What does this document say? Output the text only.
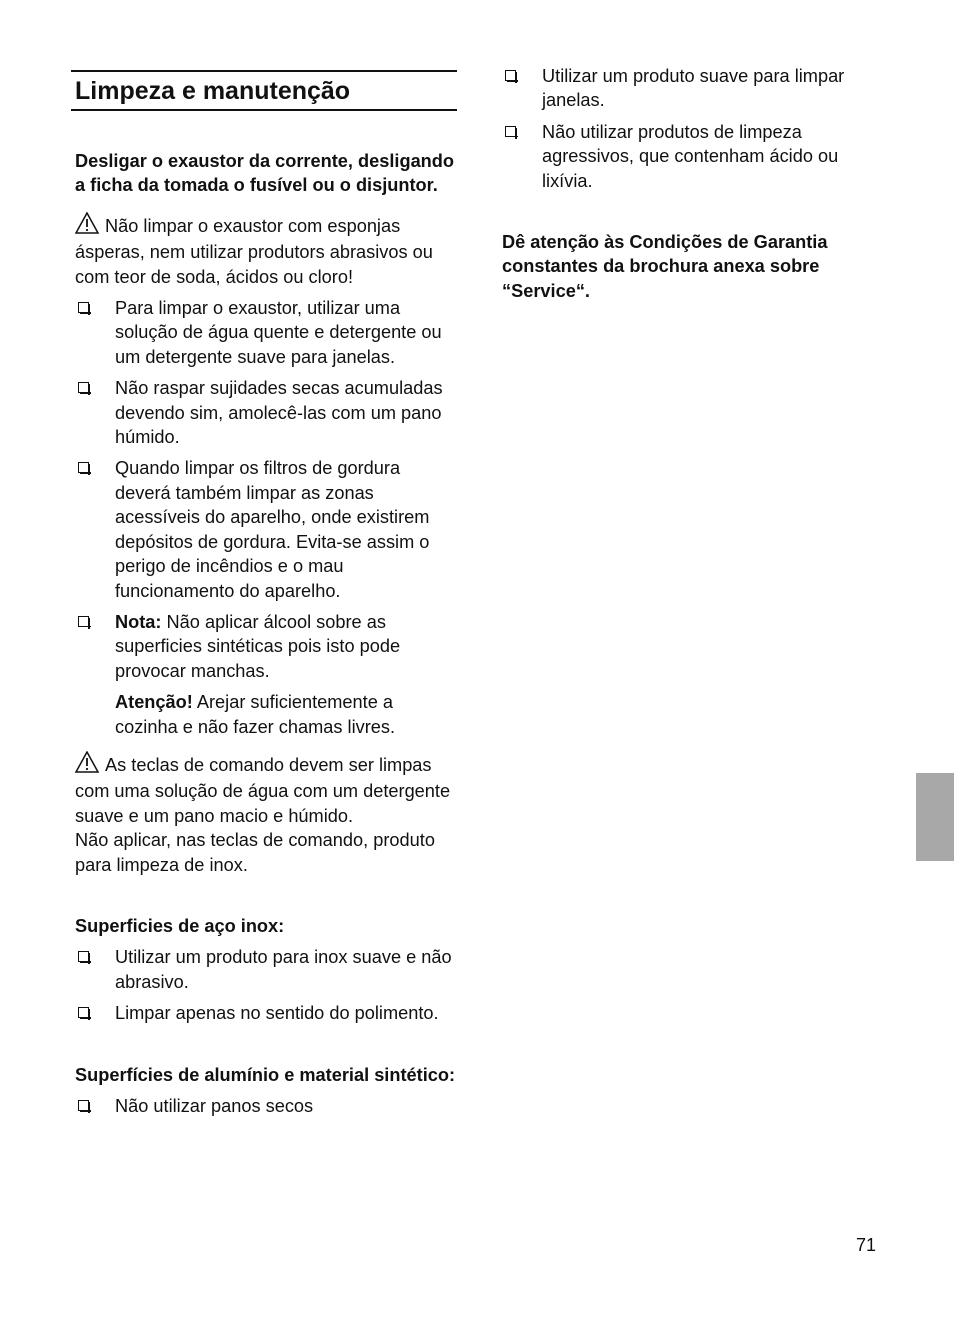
Limpeza e manutenção

Desligar o exaustor da corrente, desligando a ficha da tomada o fusível ou o disjuntor.

Não limpar o exaustor com esponjas ásperas, nem utilizar produtors abrasivos ou com teor de soda, ácidos ou cloro!

Para limpar o exaustor, utilizar uma solução de água quente e detergente ou um detergente suave para janelas.
Não raspar sujidades secas acumuladas devendo sim, amolecê-las com um pano húmido.
Quando limpar os filtros de gordura deverá também limpar as zonas acessíveis do aparelho, onde existirem depósitos de gordura. Evita-se assim o perigo de incêndios e o mau funcionamento do aparelho.
Nota: Não aplicar álcool sobre as superficies sintéticas pois isto pode provocar manchas.
Atenção! Arejar suficientemente a cozinha e não fazer chamas livres.

As teclas de comando devem ser limpas com uma solução de água com um detergente suave e um pano macio e húmido.

Não aplicar, nas teclas de comando, produto para limpeza de inox.

Superficies de aço inox:

Utilizar um produto para inox suave e não abrasivo.
Limpar apenas no sentido do polimento.

Superfícies de alumínio e material sintético:

Não utilizar panos secos
Utilizar um produto suave para limpar janelas.
Não utilizar produtos de limpeza agressivos, que contenham ácido ou lixívia.

Dê atenção às Condições de Garantia constantes da brochura anexa sobre “Service“.

71
